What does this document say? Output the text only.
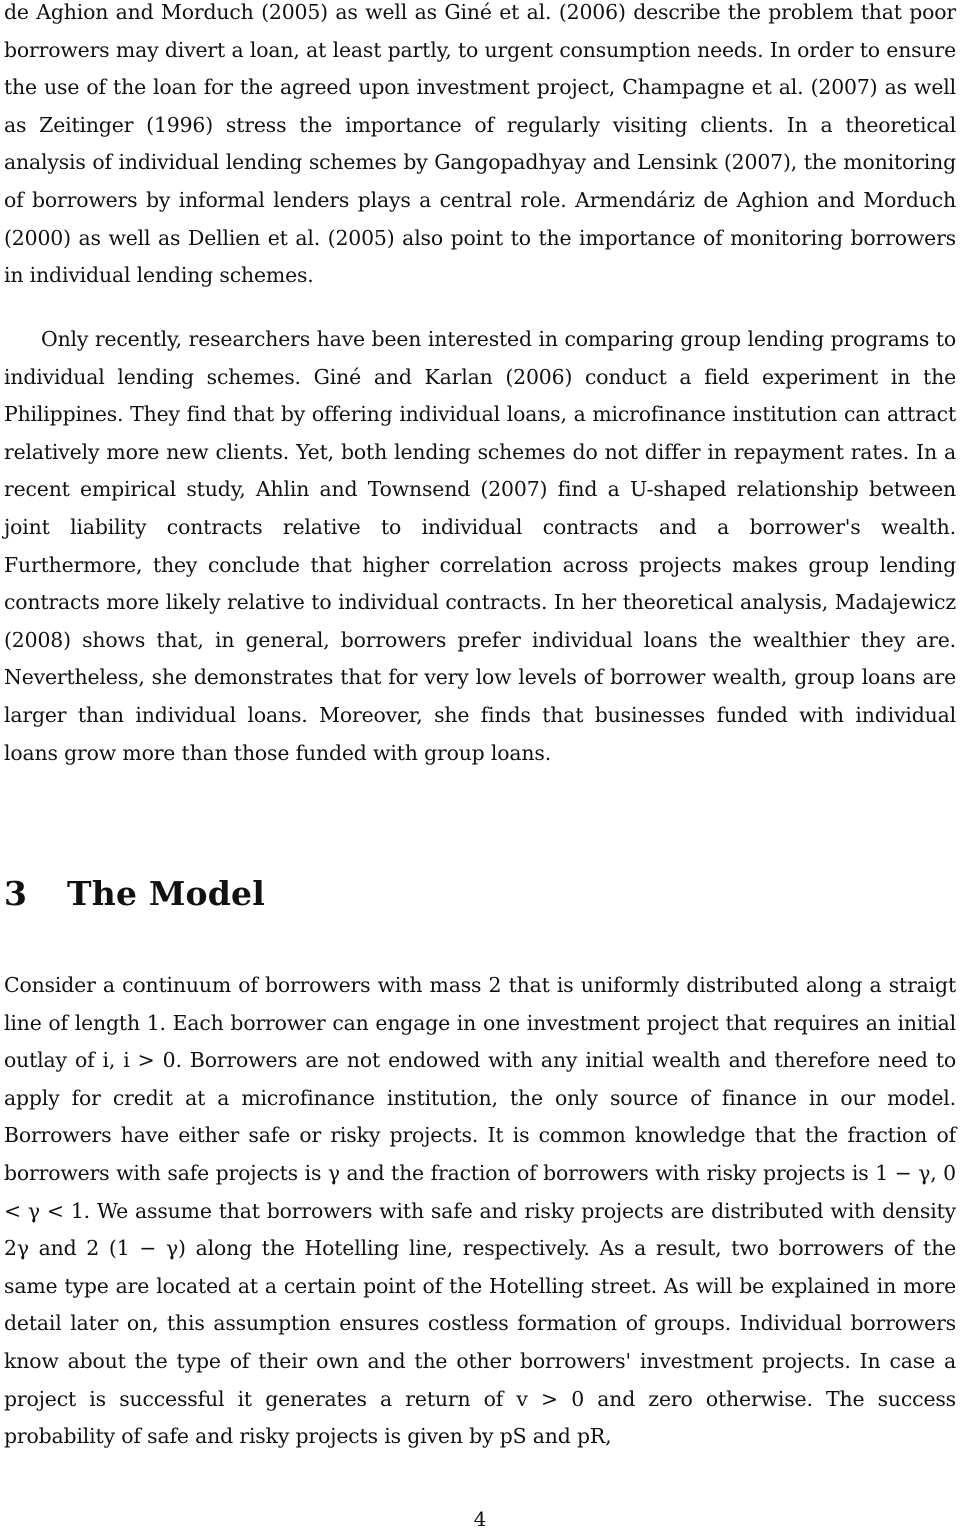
de Aghion and Morduch (2005) as well as Giné et al. (2006) describe the problem that poor borrowers may divert a loan, at least partly, to urgent consumption needs. In order to ensure the use of the loan for the agreed upon investment project, Champagne et al. (2007) as well as Zeitinger (1996) stress the importance of regularly visiting clients. In a theoretical analysis of individual lending schemes by Gangopadhyay and Lensink (2007), the monitoring of borrowers by informal lenders plays a central role. Armendáriz de Aghion and Morduch (2000) as well as Dellien et al. (2005) also point to the importance of monitoring borrowers in individual lending schemes.

Only recently, researchers have been interested in comparing group lending programs to individual lending schemes. Giné and Karlan (2006) conduct a field experiment in the Philippines. They find that by offering individual loans, a microfinance institution can attract relatively more new clients. Yet, both lending schemes do not differ in repayment rates. In a recent empirical study, Ahlin and Townsend (2007) find a U-shaped relationship between joint liability contracts relative to individual contracts and a borrower's wealth. Furthermore, they conclude that higher correlation across projects makes group lending contracts more likely relative to individual contracts. In her theoretical analysis, Madajewicz (2008) shows that, in general, borrowers prefer individual loans the wealthier they are. Nevertheless, she demonstrates that for very low levels of borrower wealth, group loans are larger than individual loans. Moreover, she finds that businesses funded with individual loans grow more than those funded with group loans.

3 The Model

Consider a continuum of borrowers with mass 2 that is uniformly distributed along a straigt line of length 1. Each borrower can engage in one investment project that requires an initial outlay of i, i > 0. Borrowers are not endowed with any initial wealth and therefore need to apply for credit at a microfinance institution, the only source of finance in our model. Borrowers have either safe or risky projects. It is common knowledge that the fraction of borrowers with safe projects is γ and the fraction of borrowers with risky projects is 1 − γ, 0 < γ < 1. We assume that borrowers with safe and risky projects are distributed with density 2γ and 2 (1 − γ) along the Hotelling line, respectively. As a result, two borrowers of the same type are located at a certain point of the Hotelling street. As will be explained in more detail later on, this assumption ensures costless formation of groups. Individual borrowers know about the type of their own and the other borrowers' investment projects. In case a project is successful it generates a return of v > 0 and zero otherwise. The success probability of safe and risky projects is given by pS and pR,

4
